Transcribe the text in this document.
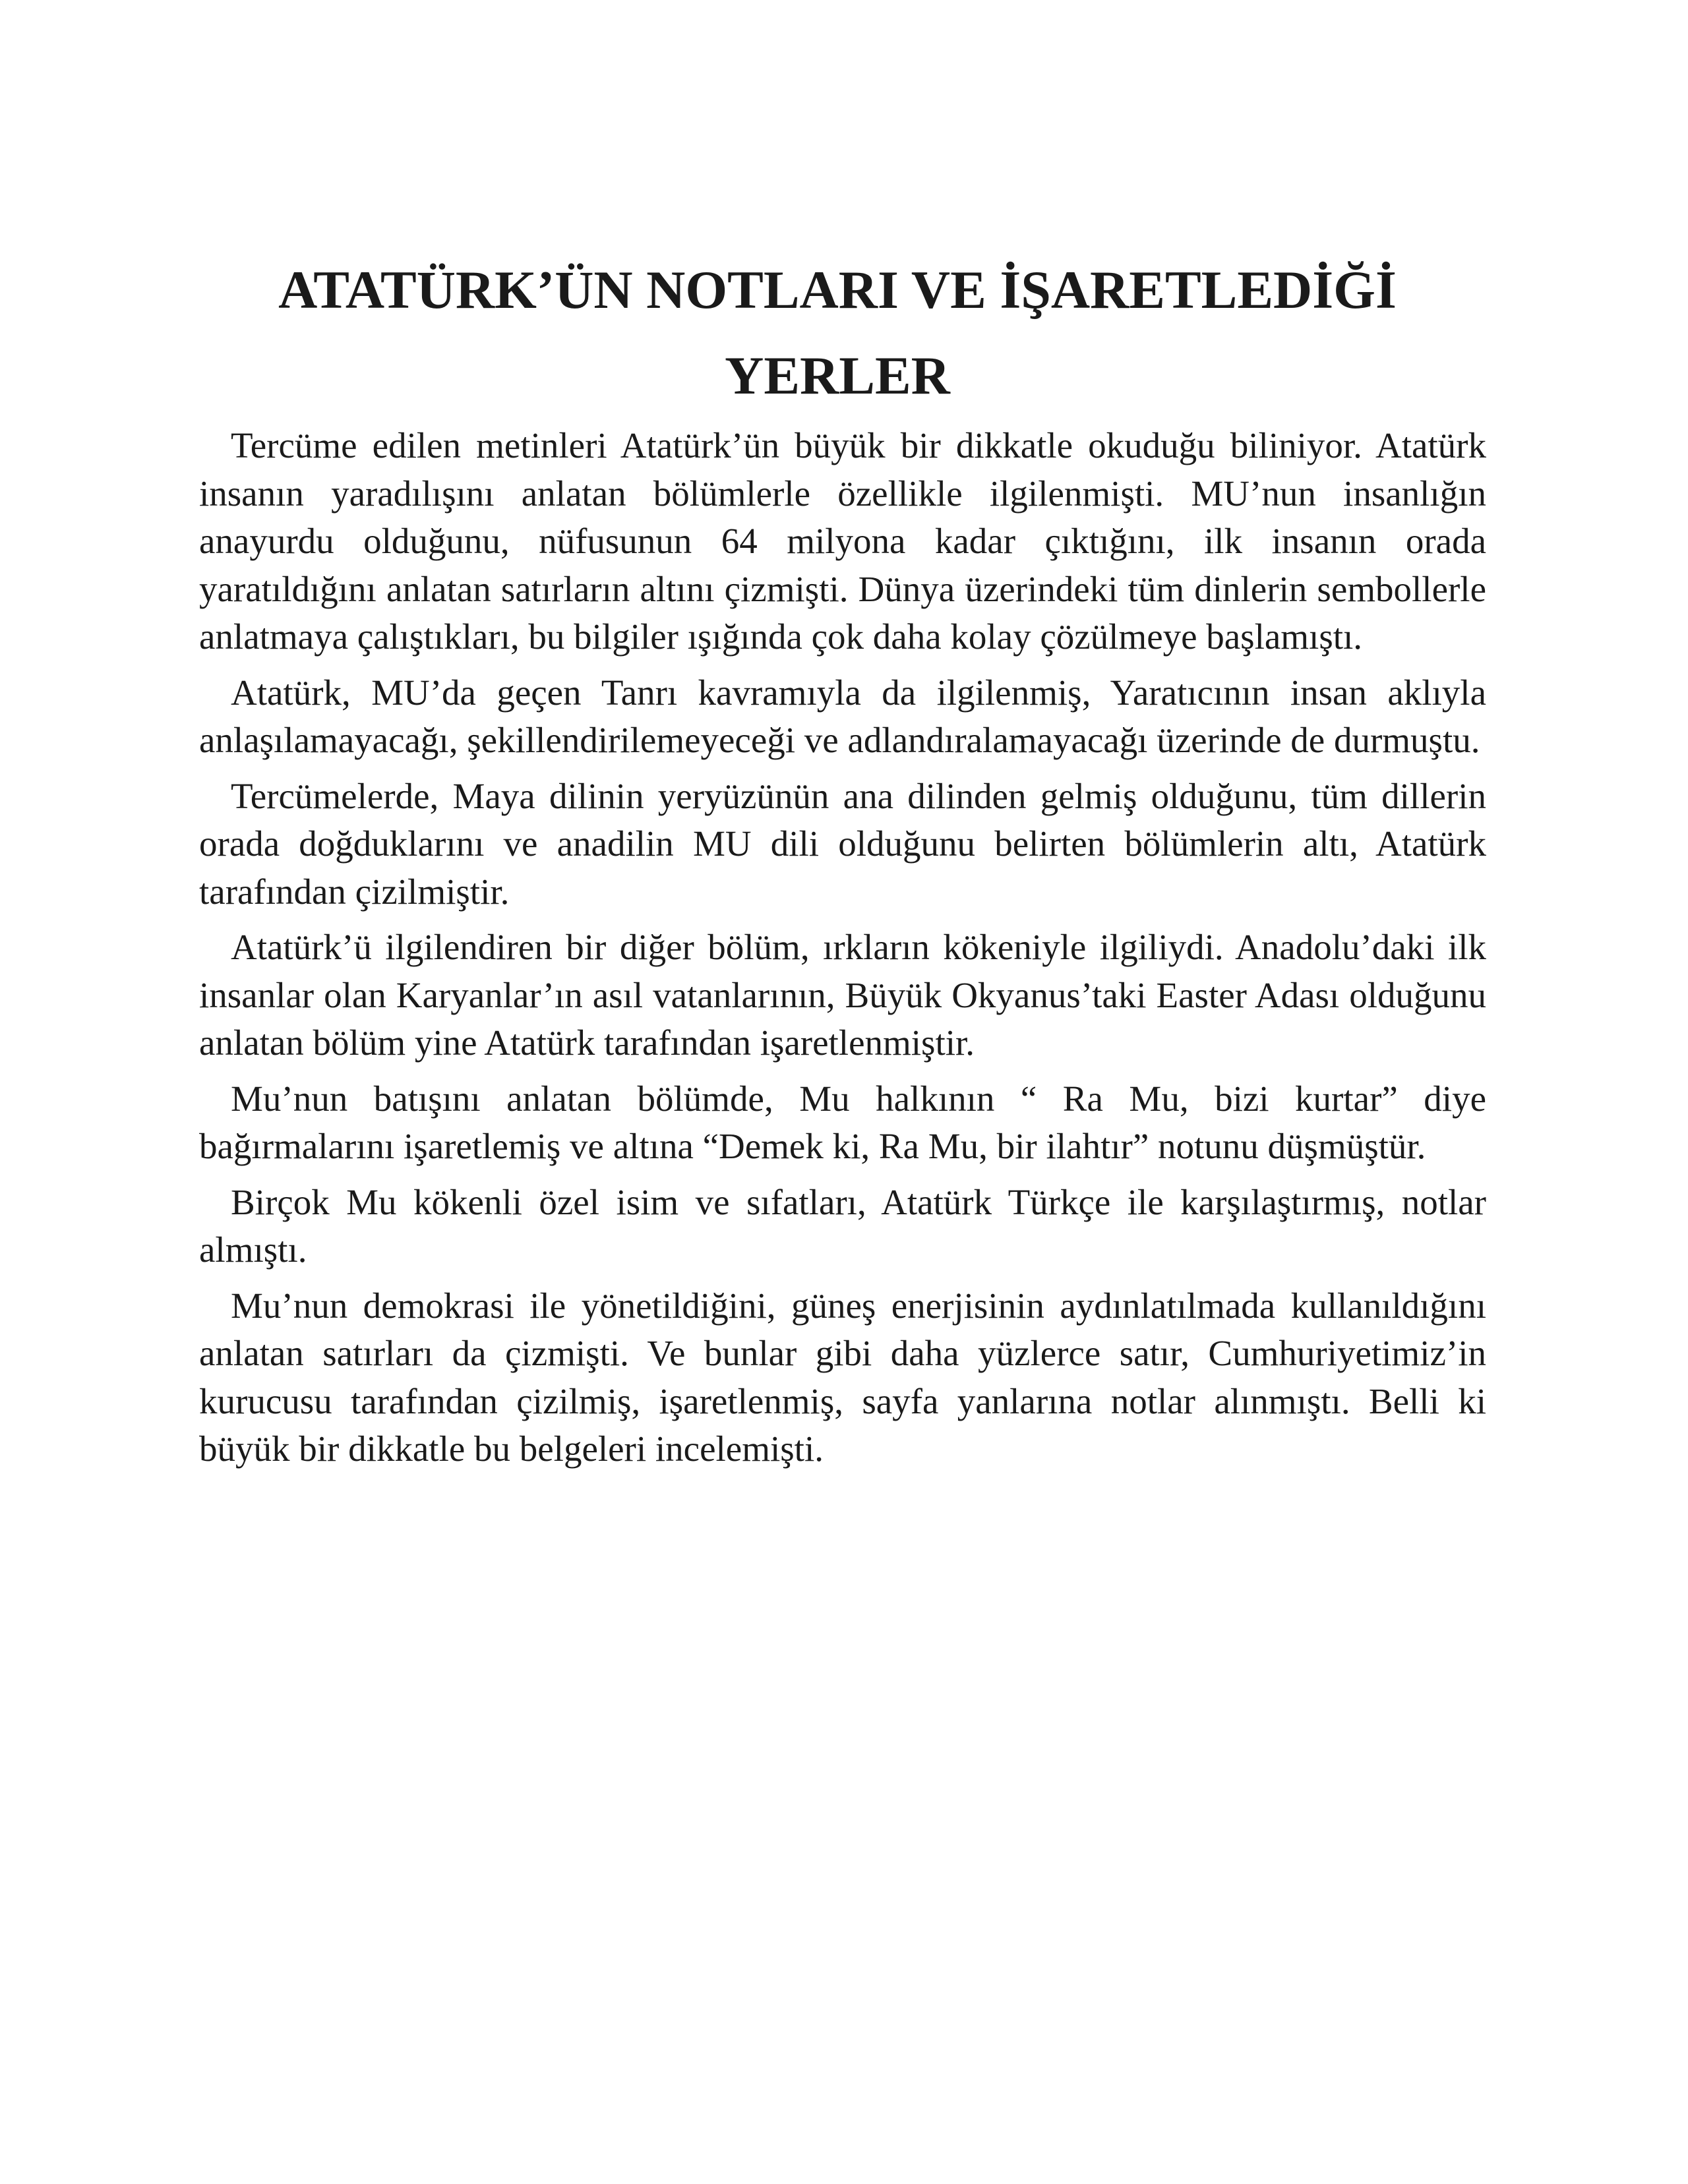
ATATÜRK’ÜN NOTLARI VE İŞARETLEDİĞİ
YERLER

Tercüme edilen metinleri Atatürk’ün büyük bir dikkatle okuduğu biliniyor. Atatürk insanın yaradılışını anlatan bölümlerle özellikle ilgilenmişti. MU’nun insanlığın anayurdu olduğunu, nüfusunun 64 milyona kadar çıktığını, ilk insanın orada yaratıldığını anlatan satırların altını çizmişti. Dünya üzerindeki tüm dinlerin sembollerle anlatmaya çalıştıkları, bu bilgiler ışığında çok daha kolay çözülmeye başlamıştı.

Atatürk, MU’da geçen Tanrı kavramıyla da ilgilenmiş, Yaratıcının insan aklıyla anlaşılamayacağı, şekillendirilemeyeceği ve adlandıralamayacağı üzerinde de durmuştu.

Tercümelerde, Maya dilinin yeryüzünün ana dilinden gelmiş olduğunu, tüm dillerin orada doğduklarını ve anadilin MU dili olduğunu belirten bölümlerin altı, Atatürk tarafından çizilmiştir.

Atatürk’ü ilgilendiren bir diğer bölüm, ırkların kökeniyle ilgiliydi. Anadolu’daki ilk insanlar olan Karyanlar’ın asıl vatanlarının, Büyük Okyanus’taki Easter Adası olduğunu anlatan bölüm yine Atatürk tarafından işaretlenmiştir.

Mu’nun batışını anlatan bölümde, Mu halkının “ Ra Mu, bizi kurtar” diye bağırmalarını işaretlemiş ve altına “Demek ki, Ra Mu, bir ilahtır” notunu düşmüştür.

Birçok Mu kökenli özel isim ve sıfatları, Atatürk Türkçe ile karşılaştırmış, notlar almıştı.

Mu’nun demokrasi ile yönetildiğini, güneş enerjisinin aydınlatılmada kullanıldığını anlatan satırları da çizmişti. Ve bunlar gibi daha yüzlerce satır, Cumhuriyetimiz’in kurucusu tarafından çizilmiş, işaretlenmiş, sayfa yanlarına notlar alınmıştı. Belli ki büyük bir dikkatle bu belgeleri incelemişti.
